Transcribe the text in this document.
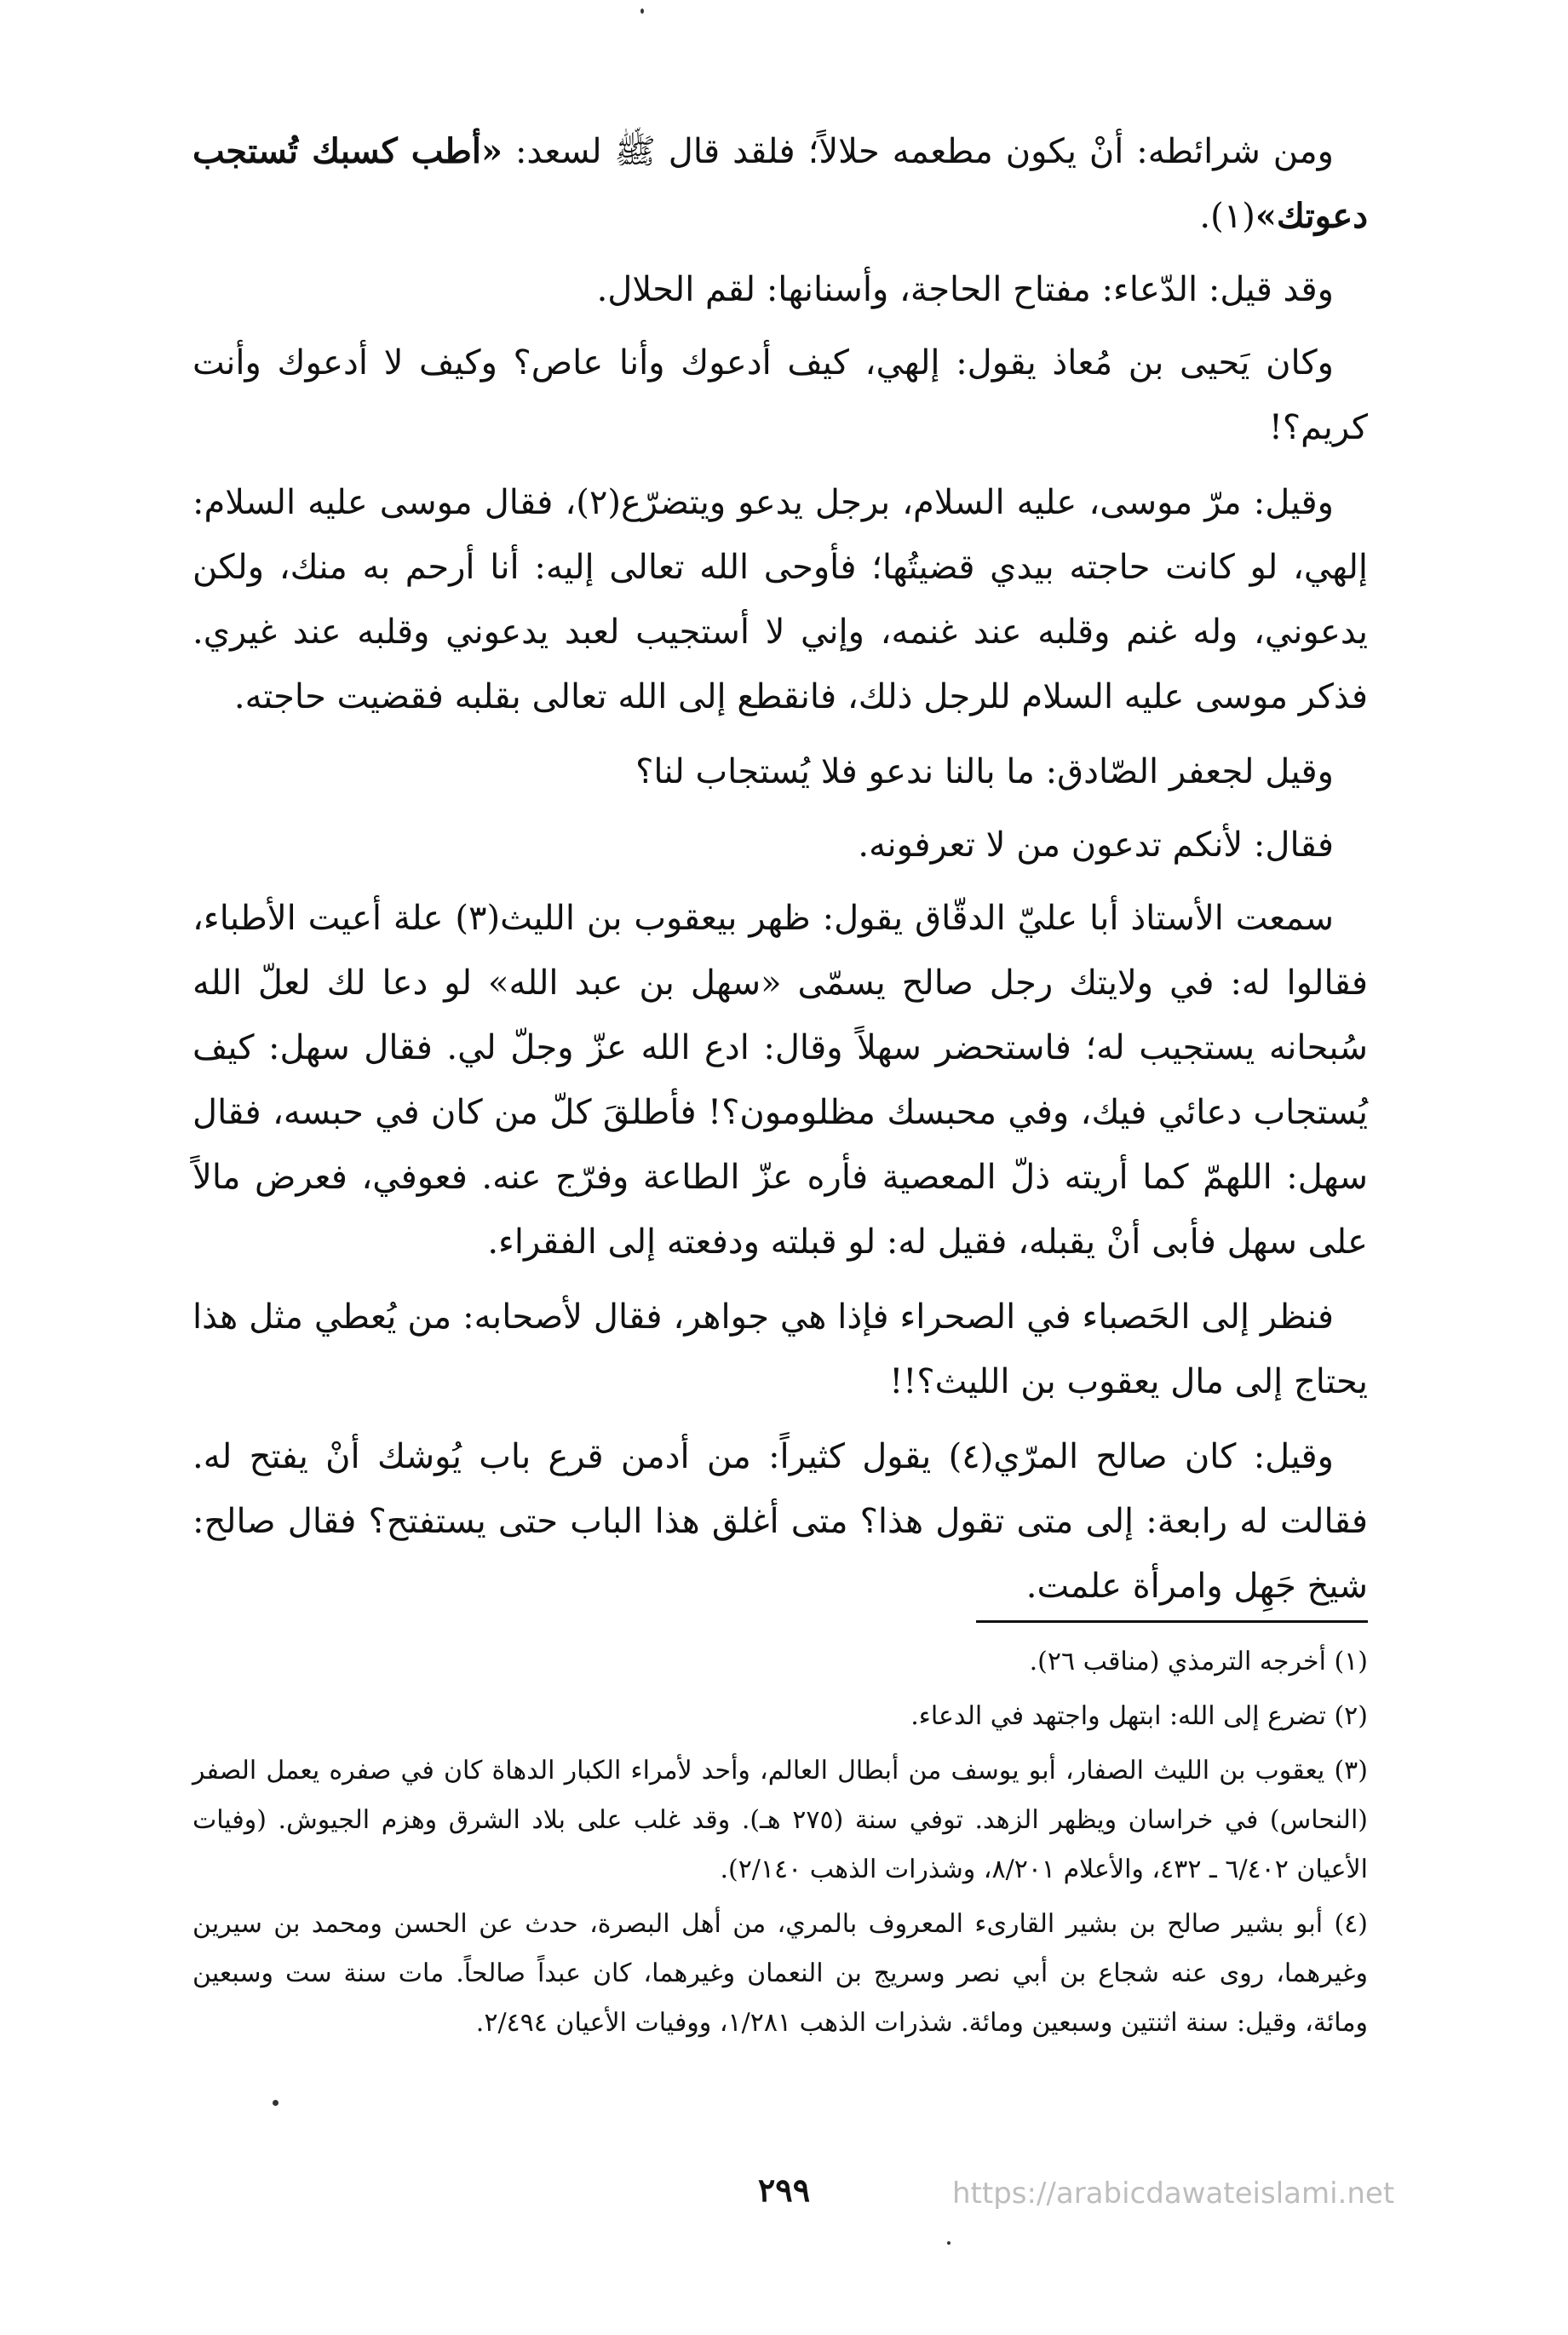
ومن شرائطه: أنْ يكون مطعمه حلالاً؛ فلقد قال ﷺ لسعد: «أطب كسبك تُستجب دعوتك»(١).

وقد قيل: الدّعاء: مفتاح الحاجة، وأسنانها: لقم الحلال.

وكان يَحيى بن مُعاذ يقول: إلهي، كيف أدعوك وأنا عاص؟ وكيف لا أدعوك وأنت كريم؟!

وقيل: مرّ موسى، عليه السلام، برجل يدعو ويتضرّع(٢)، فقال موسى عليه السلام: إلهي، لو كانت حاجته بيدي قضيتُها؛ فأوحى الله تعالى إليه: أنا أرحم به منك، ولكن يدعوني، وله غنم وقلبه عند غنمه، وإني لا أستجيب لعبد يدعوني وقلبه عند غيري. فذكر موسى عليه السلام للرجل ذلك، فانقطع إلى الله تعالى بقلبه فقضيت حاجته.

وقيل لجعفر الصّادق: ما بالنا ندعو فلا يُستجاب لنا؟

فقال: لأنكم تدعون من لا تعرفونه.

سمعت الأستاذ أبا عليّ الدقّاق يقول: ظهر بيعقوب بن الليث(٣) علة أعيت الأطباء، فقالوا له: في ولايتك رجل صالح يسمّى «سهل بن عبد الله» لو دعا لك لعلّ الله سُبحانه يستجيب له؛ فاستحضر سهلاً وقال: ادع الله عزّ وجلّ لي. فقال سهل: كيف يُستجاب دعائي فيك، وفي محبسك مظلومون؟! فأطلقَ كلّ من كان في حبسه، فقال سهل: اللهمّ كما أريته ذلّ المعصية فأره عزّ الطاعة وفرّج عنه. فعوفي، فعرض مالاً على سهل فأبى أنْ يقبله، فقيل له: لو قبلته ودفعته إلى الفقراء.

فنظر إلى الحَصباء في الصحراء فإذا هي جواهر، فقال لأصحابه: من يُعطي مثل هذا يحتاج إلى مال يعقوب بن الليث؟!!

وقيل: كان صالح المرّي(٤) يقول كثيراً: من أدمن قرع باب يُوشك أنْ يفتح له. فقالت له رابعة: إلى متى تقول هذا؟ متى أغلق هذا الباب حتى يستفتح؟ فقال صالح: شيخ جَهِل وامرأة علمت.

(١) أخرجه الترمذي (مناقب ٢٦).

(٢) تضرع إلى الله: ابتهل واجتهد في الدعاء.

(٣) يعقوب بن الليث الصفار، أبو يوسف من أبطال العالم، وأحد لأمراء الكبار الدهاة كان في صفره يعمل الصفر (النحاس) في خراسان ويظهر الزهد. توفي سنة (٢٧٥ هـ). وقد غلب على بلاد الشرق وهزم الجيوش. (وفيات الأعيان ٦/٤٠٢ ـ ٤٣٢، والأعلام ٨/٢٠١، وشذرات الذهب ٢/١٤٠).

(٤) أبو بشير صالح بن بشير القارىء المعروف بالمري، من أهل البصرة، حدث عن الحسن ومحمد بن سيرين وغيرهما، روى عنه شجاع بن أبي نصر وسريج بن النعمان وغيرهما، كان عبداً صالحاً. مات سنة ست وسبعين ومائة، وقيل: سنة اثنتين وسبعين ومائة. شذرات الذهب ١/٢٨١، ووفيات الأعيان ٢/٤٩٤.

٢٩٩	https://arabicdawateislami.net
